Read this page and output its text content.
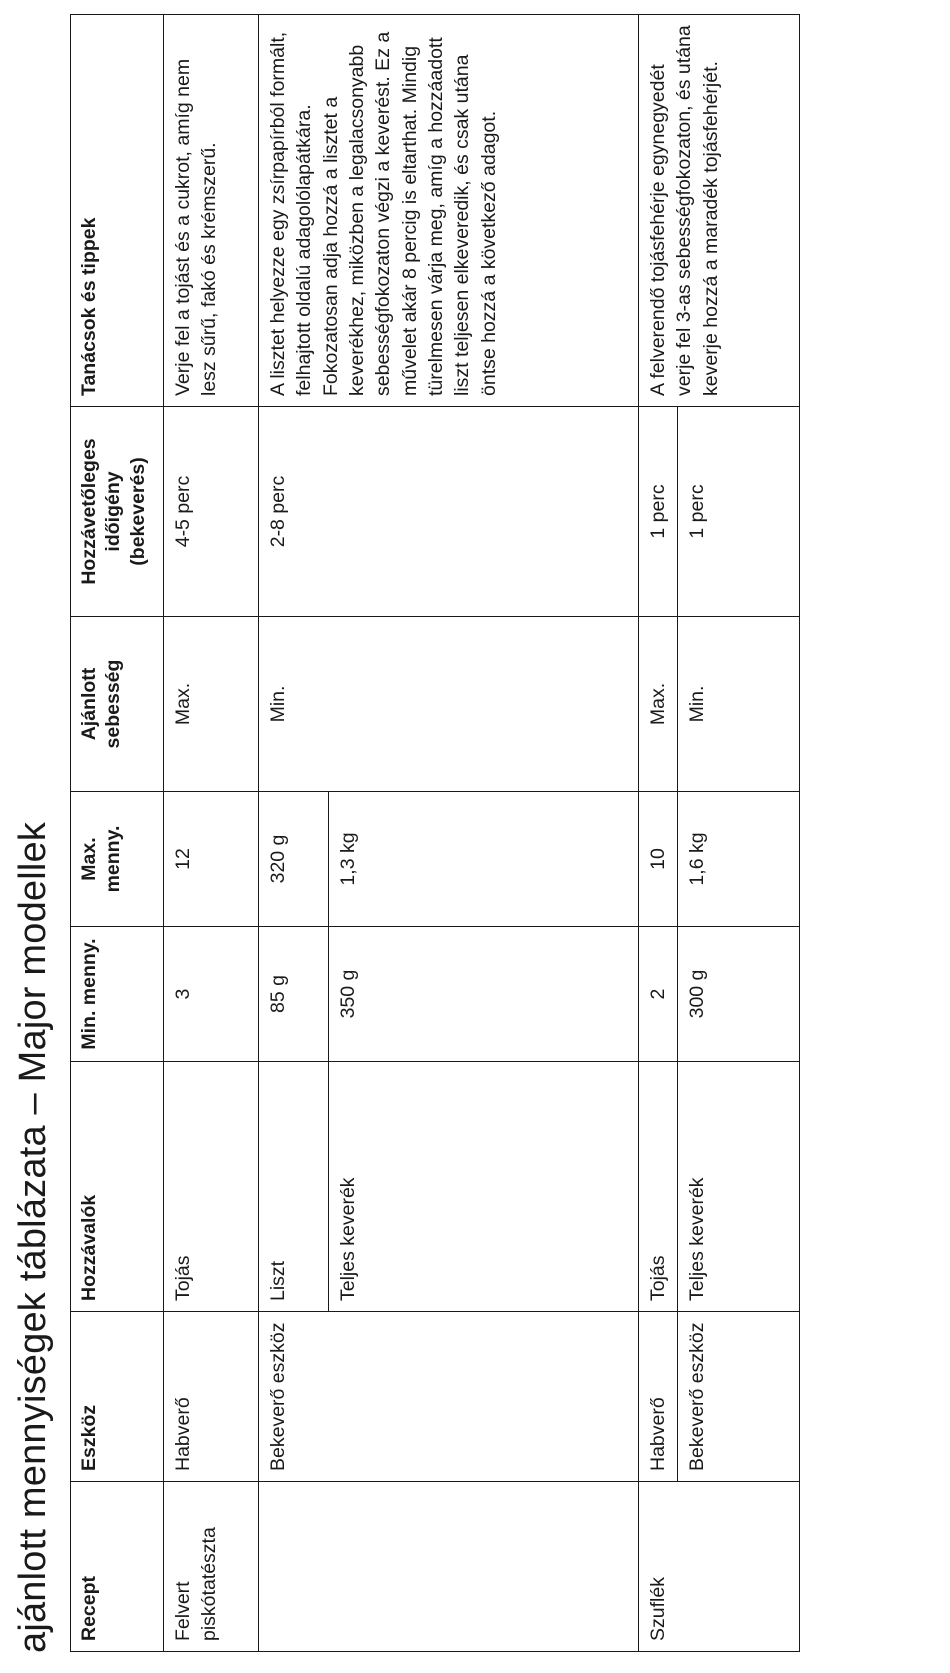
ajánlott mennyiségek táblázata – Major modellek Recept	Eszköz	Hozzávalók	Min. menny.	Max. menny.	Ajánlott sebesség	Hozzávetőleges időigény (bekeverés)	Tanácsok és tippek
Felvert piskótatészta	Habverő	Tojás	3	12	Max.	4-5 perc	Verje fel a tojást és a cukrot, amíg nem lesz sűrű, fakó és krémszerű.
	Bekeverő eszköz	Liszt	85 g	320 g	Min.	2-8 perc	A lisztet helyezze egy zsírpapírból formált, felhajtott oldalú adagolólapátkára. Fokozatosan adja hozzá a lisztet a keverékhez, miközben a legalacsonyabb sebességfokozaton végzi a keverést. Ez a művelet akár 8 percig is eltarthat. Mindig türelmesen várja meg, amíg a hozzáadott liszt teljesen elkeveredik, és csak utána öntse hozzá a következő adagot.
		Teljes keverék	350 g	1,3 kg			
Szuflék	Habverő	Tojás	2	10	Max.	1 perc	A felverendő tojásfehérje egynegyedét verje fel 3-as sebességfokozaton, és utána keverje hozzá a maradék tojásfehérjét.
	Bekeverő eszköz	Teljes keverék	300 g	1,6 kg	Min.	1 perc	
